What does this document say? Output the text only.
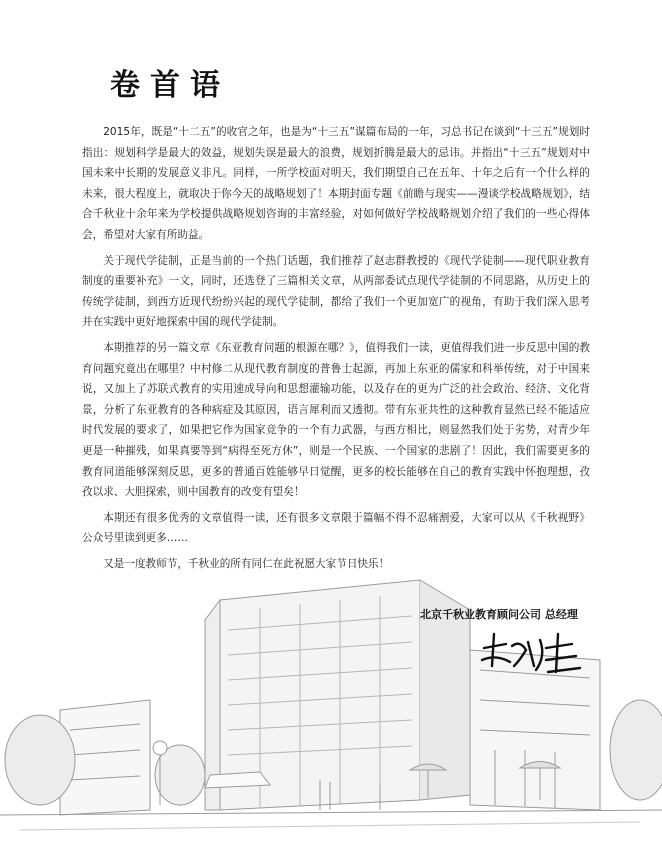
卷首语

2015年，既是“十二五”的收官之年，也是为“十三五”谋篇布局的一年，习总书记在谈到“十三五”规划时指出：规划科学是最大的效益，规划失误是最大的浪费，规划折腾是最大的忌讳。并指出“十三五”规划对中国未来中长期的发展意义非凡。同样，一所学校面对明天，我们期望自己在五年、十年之后有一个什么样的未来，很大程度上，就取决于你今天的战略规划了！本期封面专题《前瞻与现实——漫谈学校战略规划》，结合千秋业十余年来为学校提供战略规划咨询的丰富经验，对如何做好学校战略规划介绍了我们的一些心得体会，希望对大家有所助益。

关于现代学徒制，正是当前的一个热门话题，我们推荐了赵志群教授的《现代学徒制——现代职业教育制度的重要补充》一文，同时，还选登了三篇相关文章，从两部委试点现代学徒制的不同思路，从历史上的传统学徒制，到西方近现代纷纷兴起的现代学徒制，都给了我们一个更加宽广的视角，有助于我们深入思考并在实践中更好地探索中国的现代学徒制。

本期推荐的另一篇文章《东亚教育问题的根源在哪？》，值得我们一读，更值得我们进一步反思中国的教育问题究竟出在哪里？中村修二从现代教育制度的普鲁士起源，再加上东亚的儒家和科举传统，对于中国来说，又加上了苏联式教育的实用速成导向和思想灌输功能，以及存在的更为广泛的社会政治、经济、文化背景，分析了东亚教育的各种病症及其原因，语言犀利而又透彻。带有东亚共性的这种教育显然已经不能适应时代发展的要求了，如果把它作为国家竞争的一个有力武器，与西方相比，则显然我们处于劣势，对青少年更是一种摧残，如果真要等到“病得至死方休”，则是一个民族、一个国家的悲剧了！因此，我们需要更多的教育同道能够深刻反思，更多的普通百姓能够早日觉醒，更多的校长能够在自己的教育实践中怀抱理想，孜孜以求、大胆探索，则中国教育的改变有望矣！

本期还有很多优秀的文章值得一读，还有很多文章限于篇幅不得不忍痛割爱，大家可以从《千秋视野》公众号里读到更多……

又是一度教师节，千秋业的所有同仁在此祝愿大家节日快乐！

北京千秋业教育顾问公司 总经理
